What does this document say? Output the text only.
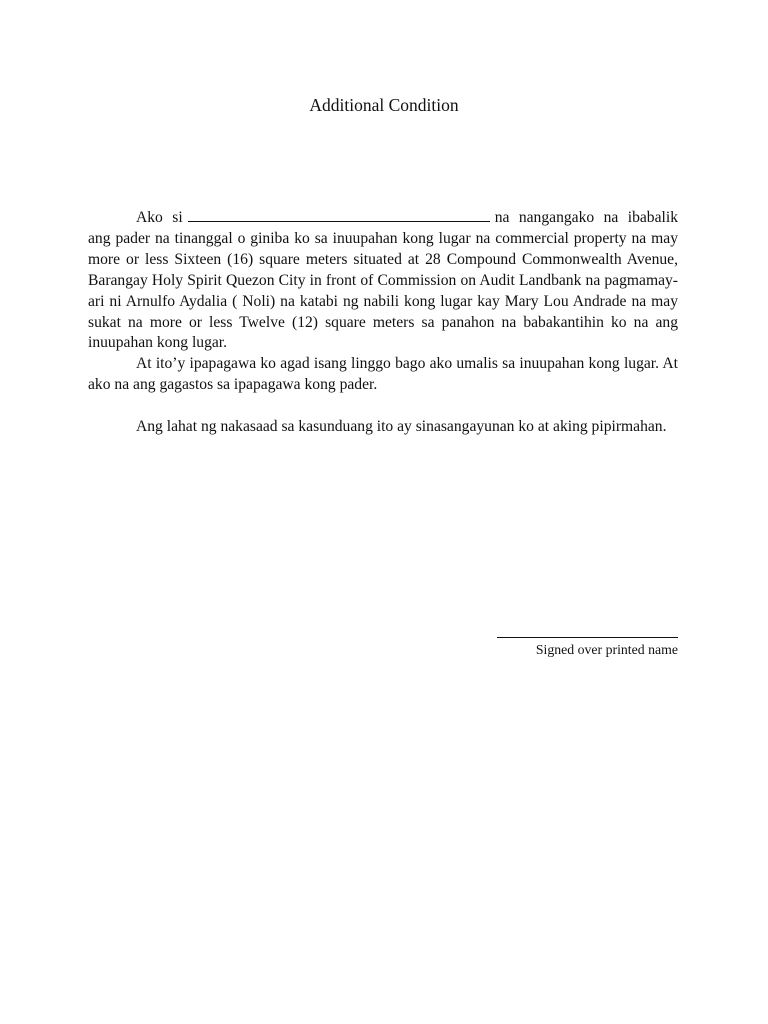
Additional Condition

Ako si	na nangangako na ibabalik ang pader na tinanggal o giniba ko sa inuupahan kong lugar na commercial property na may more or less Sixteen (16) square meters situated at 28 Compound Commonwealth Avenue, Barangay Holy Spirit Quezon City in front of Commission on Audit Landbank na pagmamay-ari ni Arnulfo Aydalia ( Noli) na katabi ng nabili kong lugar kay Mary Lou Andrade na may sukat na more or less Twelve (12) square meters sa panahon na babakantihin ko na ang inuupahan kong lugar.

At ito’y ipapagawa ko agad isang linggo bago ako umalis sa inuupahan kong lugar. At ako na ang gagastos sa ipapagawa kong pader.

Ang lahat ng nakasaad sa kasunduang ito ay sinasangayunan ko at aking pipirmahan.

Signed over printed name
